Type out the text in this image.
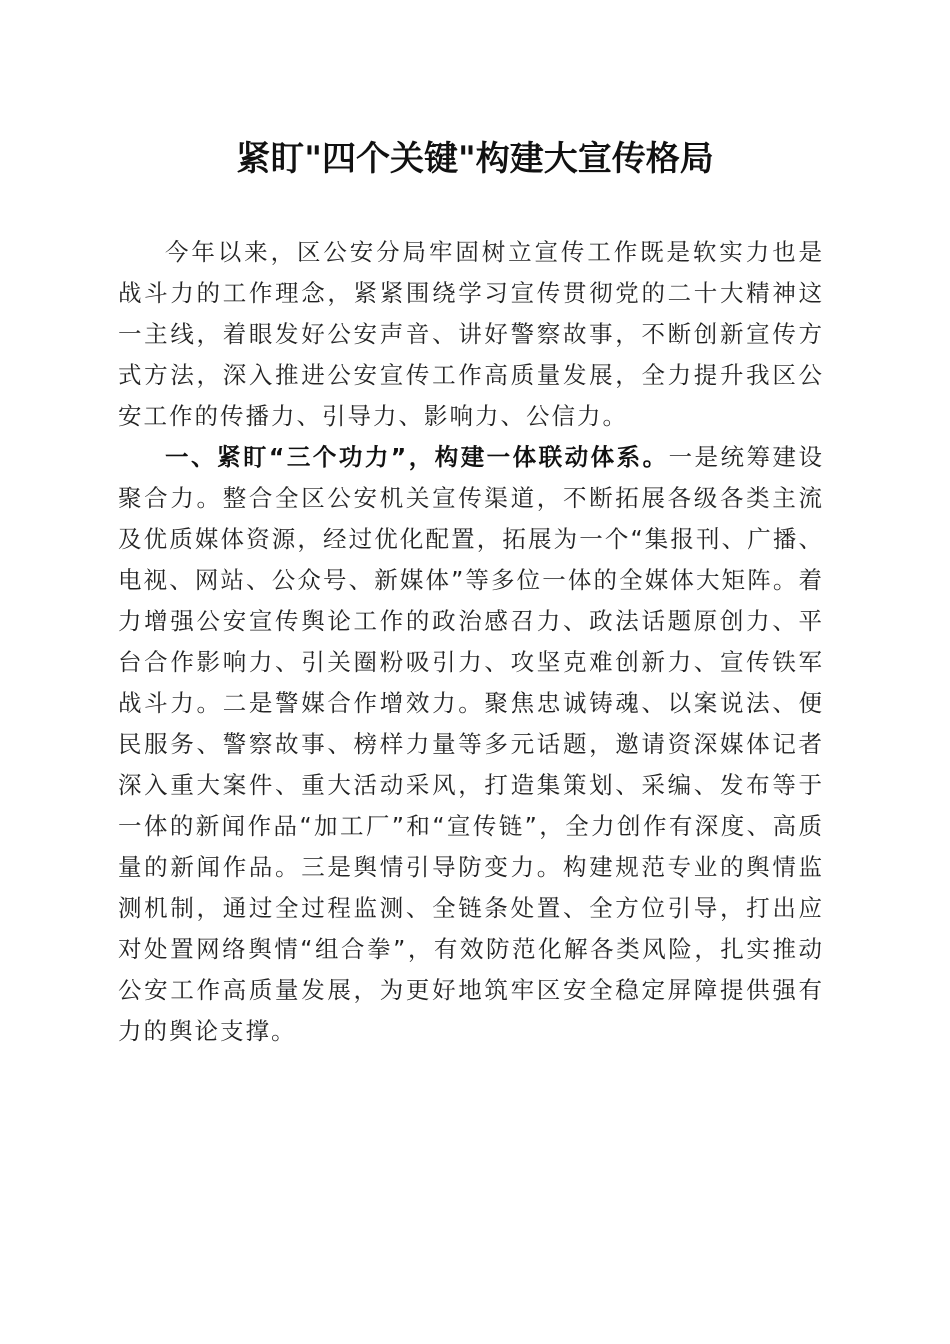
紧盯"四个关键"构建大宣传格局

今年以来，区公安分局牢固树立宣传工作既是软实力也是战斗力的工作理念，紧紧围绕学习宣传贯彻党的二十大精神这一主线，着眼发好公安声音、讲好警察故事，不断创新宣传方式方法，深入推进公安宣传工作高质量发展，全力提升我区公安工作的传播力、引导力、影响力、公信力。

一、紧盯“三个功力”，构建一体联动体系。一是统筹建设聚合力。整合全区公安机关宣传渠道，不断拓展各级各类主流及优质媒体资源，经过优化配置，拓展为一个“集报刊、广播、电视、网站、公众号、新媒体”等多位一体的全媒体大矩阵。着力增强公安宣传舆论工作的政治感召力、政法话题原创力、平台合作影响力、引关圈粉吸引力、攻坚克难创新力、宣传铁军战斗力。二是警媒合作增效力。聚焦忠诚铸魂、以案说法、便民服务、警察故事、榜样力量等多元话题，邀请资深媒体记者深入重大案件、重大活动采风，打造集策划、采编、发布等于一体的新闻作品“加工厂”和“宣传链”，全力创作有深度、高质量的新闻作品。三是舆情引导防变力。构建规范专业的舆情监测机制，通过全过程监测、全链条处置、全方位引导，打出应对处置网络舆情“组合拳”，有效防范化解各类风险，扎实推动公安工作高质量发展，为更好地筑牢区安全稳定屏障提供强有力的舆论支撑。
